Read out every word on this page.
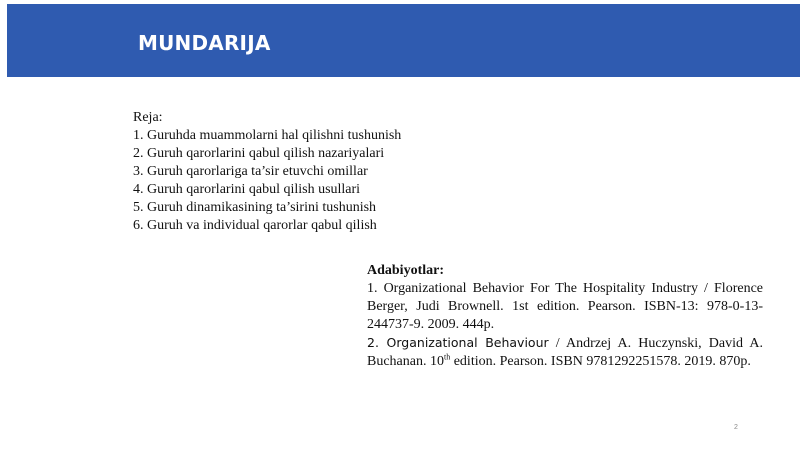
MUNDARIJA
Reja:
1. Guruhda muammolarni hal qilishni tushunish
2. Guruh qarorlarini qabul qilish nazariyalari
3. Guruh qarorlariga ta’sir etuvchi omillar
4. Guruh qarorlarini qabul qilish usullari
5. Guruh dinamikasining ta’sirini tushunish
6. Guruh va individual qarorlar qabul qilish
Adabiyotlar:
1. Organizational Behavior For The Hospitality Industry / Florence Berger, Judi Brownell. 1st edition. Pearson. ISBN-13: 978-0-13-244737-9. 2009. 444p.
2. Organizational Behaviour / Andrzej A. Huczynski, David A. Buchanan. 10th edition. Pearson. ISBN 9781292251578. 2019. 870p.
2
